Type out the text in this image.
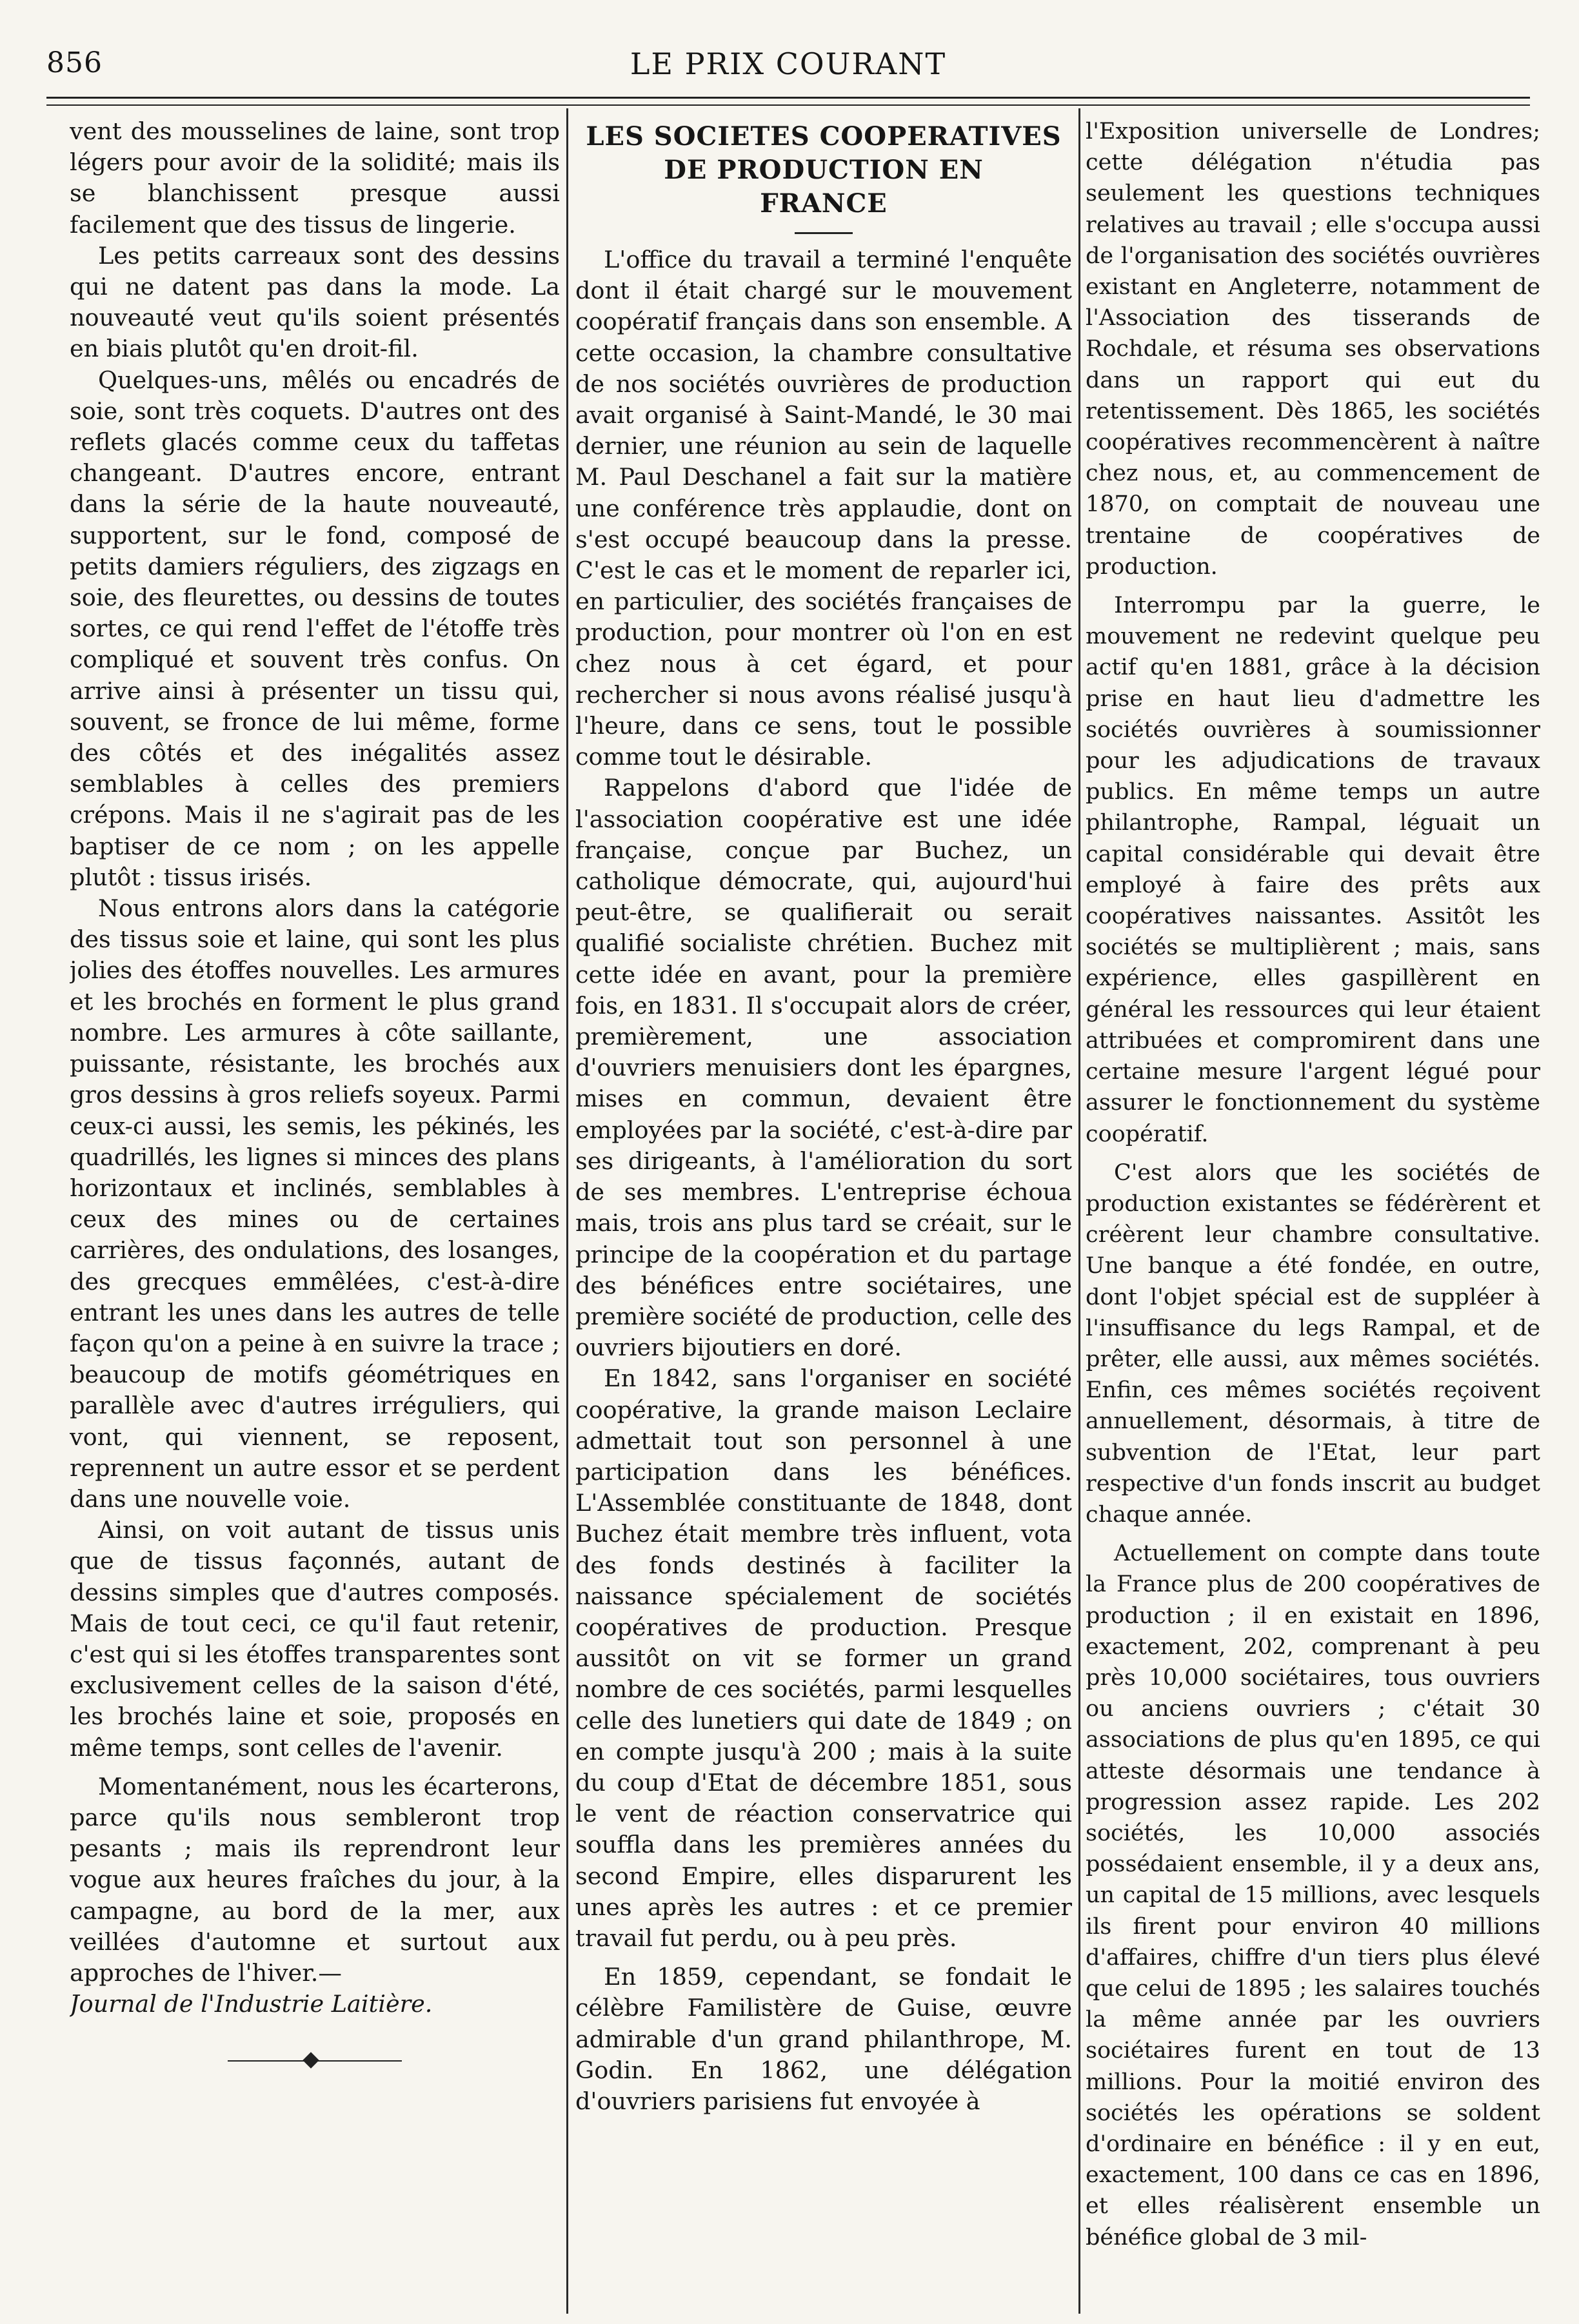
856	LE PRIX COURANT

vent des mousselines de laine, sont trop légers pour avoir de la solidité; mais ils se blanchissent presque aussi facilement que des tissus de lingerie.

Les petits carreaux sont des dessins qui ne datent pas dans la mode. La nouveauté veut qu'ils soient présentés en biais plutôt qu'en droit-fil.

Quelques-uns, mêlés ou encadrés de soie, sont très coquets. D'autres ont des reflets glacés comme ceux du taffetas changeant. D'autres encore, entrant dans la série de la haute nouveauté, supportent, sur le fond, composé de petits damiers réguliers, des zigzags en soie, des fleurettes, ou dessins de toutes sortes, ce qui rend l'effet de l'étoffe très compliqué et souvent très confus. On arrive ainsi à présenter un tissu qui, souvent, se fronce de lui même, forme des côtés et des inégalités assez semblables à celles des premiers crépons. Mais il ne s'agirait pas de les baptiser de ce nom ; on les appelle plutôt : tissus irisés.

Nous entrons alors dans la catégorie des tissus soie et laine, qui sont les plus jolies des étoffes nouvelles. Les armures et les brochés en forment le plus grand nombre. Les armures à côte saillante, puissante, résistante, les brochés aux gros dessins à gros reliefs soyeux. Parmi ceux-ci aussi, les semis, les pékinés, les quadrillés, les lignes si minces des plans horizontaux et inclinés, semblables à ceux des mines ou de certaines carrières, des ondulations, des losanges, des grecques emmêlées, c'est-à-dire entrant les unes dans les autres de telle façon qu'on a peine à en suivre la trace ; beaucoup de motifs géométriques en parallèle avec d'autres irréguliers, qui vont, qui viennent, se reposent, reprennent un autre essor et se perdent dans une nouvelle voie.

Ainsi, on voit autant de tissus unis que de tissus façonnés, autant de dessins simples que d'autres composés. Mais de tout ceci, ce qu'il faut retenir, c'est qui si les étoffes transparentes sont exclusivement celles de la saison d'été, les brochés laine et soie, proposés en même temps, sont celles de l'avenir.

Momentanément, nous les écarterons, parce qu'ils nous sembleront trop pesants ; mais ils reprendront leur vogue aux heures fraîches du jour, à la campagne, au bord de la mer, aux veillées d'automne et surtout aux approches de l'hiver.—

Journal de l'Industrie Laitière.

LES SOCIETES COOPERATIVES
DE PRODUCTION EN
FRANCE

L'office du travail a terminé l'enquête dont il était chargé sur le mouvement coopératif français dans son ensemble. A cette occasion, la chambre consultative de nos sociétés ouvrières de production avait organisé à Saint-Mandé, le 30 mai dernier, une réunion au sein de laquelle M. Paul Deschanel a fait sur la matière une conférence très applaudie, dont on s'est occupé beaucoup dans la presse. C'est le cas et le moment de reparler ici, en particulier, des sociétés françaises de production, pour montrer où l'on en est chez nous à cet égard, et pour rechercher si nous avons réalisé jusqu'à l'heure, dans ce sens, tout le possible comme tout le désirable.

Rappelons d'abord que l'idée de l'association coopérative est une idée française, conçue par Buchez, un catholique démocrate, qui, aujourd'hui peut-être, se qualifierait ou serait qualifié socialiste chrétien. Buchez mit cette idée en avant, pour la première fois, en 1831. Il s'occupait alors de créer, premièrement, une association d'ouvriers menuisiers dont les épargnes, mises en commun, devaient être employées par la société, c'est-à-dire par ses dirigeants, à l'amélioration du sort de ses membres. L'entreprise échoua mais, trois ans plus tard se créait, sur le principe de la coopération et du partage des bénéfices entre sociétaires, une première société de production, celle des ouvriers bijoutiers en doré.

En 1842, sans l'organiser en société coopérative, la grande maison Leclaire admettait tout son personnel à une participation dans les bénéfices. L'Assemblée constituante de 1848, dont Buchez était membre très influent, vota des fonds destinés à faciliter la naissance spécialement de sociétés coopératives de production. Presque aussitôt on vit se former un grand nombre de ces sociétés, parmi lesquelles celle des lunetiers qui date de 1849 ; on en compte jusqu'à 200 ; mais à la suite du coup d'Etat de décembre 1851, sous le vent de réaction conservatrice qui souffla dans les premières années du second Empire, elles disparurent les unes après les autres : et ce premier travail fut perdu, ou à peu près.

En 1859, cependant, se fondait le célèbre Familistère de Guise, œuvre admirable d'un grand philanthrope, M. Godin. En 1862, une délégation d'ouvriers parisiens fut envoyée à

l'Exposition universelle de Londres; cette délégation n'étudia pas seulement les questions techniques relatives au travail ; elle s'occupa aussi de l'organisation des sociétés ouvrières existant en Angleterre, notamment de l'Association des tisserands de Rochdale, et résuma ses observations dans un rapport qui eut du retentissement. Dès 1865, les sociétés coopératives recommencèrent à naître chez nous, et, au commencement de 1870, on comptait de nouveau une trentaine de coopératives de production.

Interrompu par la guerre, le mouvement ne redevint quelque peu actif qu'en 1881, grâce à la décision prise en haut lieu d'admettre les sociétés ouvrières à soumissionner pour les adjudications de travaux publics. En même temps un autre philantrophe, Rampal, léguait un capital considérable qui devait être employé à faire des prêts aux coopératives naissantes. Assitôt les sociétés se multiplièrent ; mais, sans expérience, elles gaspillèrent en général les ressources qui leur étaient attribuées et compromirent dans une certaine mesure l'argent légué pour assurer le fonctionnement du système coopératif.

C'est alors que les sociétés de production existantes se fédérèrent et créèrent leur chambre consultative. Une banque a été fondée, en outre, dont l'objet spécial est de suppléer à l'insuffisance du legs Rampal, et de prêter, elle aussi, aux mêmes sociétés. Enfin, ces mêmes sociétés reçoivent annuellement, désormais, à titre de subvention de l'Etat, leur part respective d'un fonds inscrit au budget chaque année.

Actuellement on compte dans toute la France plus de 200 coopératives de production ; il en existait en 1896, exactement, 202, comprenant à peu près 10,000 sociétaires, tous ouvriers ou anciens ouvriers ; c'était 30 associations de plus qu'en 1895, ce qui atteste désormais une tendance à progression assez rapide. Les 202 sociétés, les 10,000 associés possédaient ensemble, il y a deux ans, un capital de 15 millions, avec lesquels ils firent pour environ 40 millions d'affaires, chiffre d'un tiers plus élevé que celui de 1895 ; les salaires touchés la même année par les ouvriers sociétaires furent en tout de 13 millions. Pour la moitié environ des sociétés les opérations se soldent d'ordinaire en bénéfice : il y en eut, exactement, 100 dans ce cas en 1896, et elles réalisèrent ensemble un bénéfice global de 3 mil-
